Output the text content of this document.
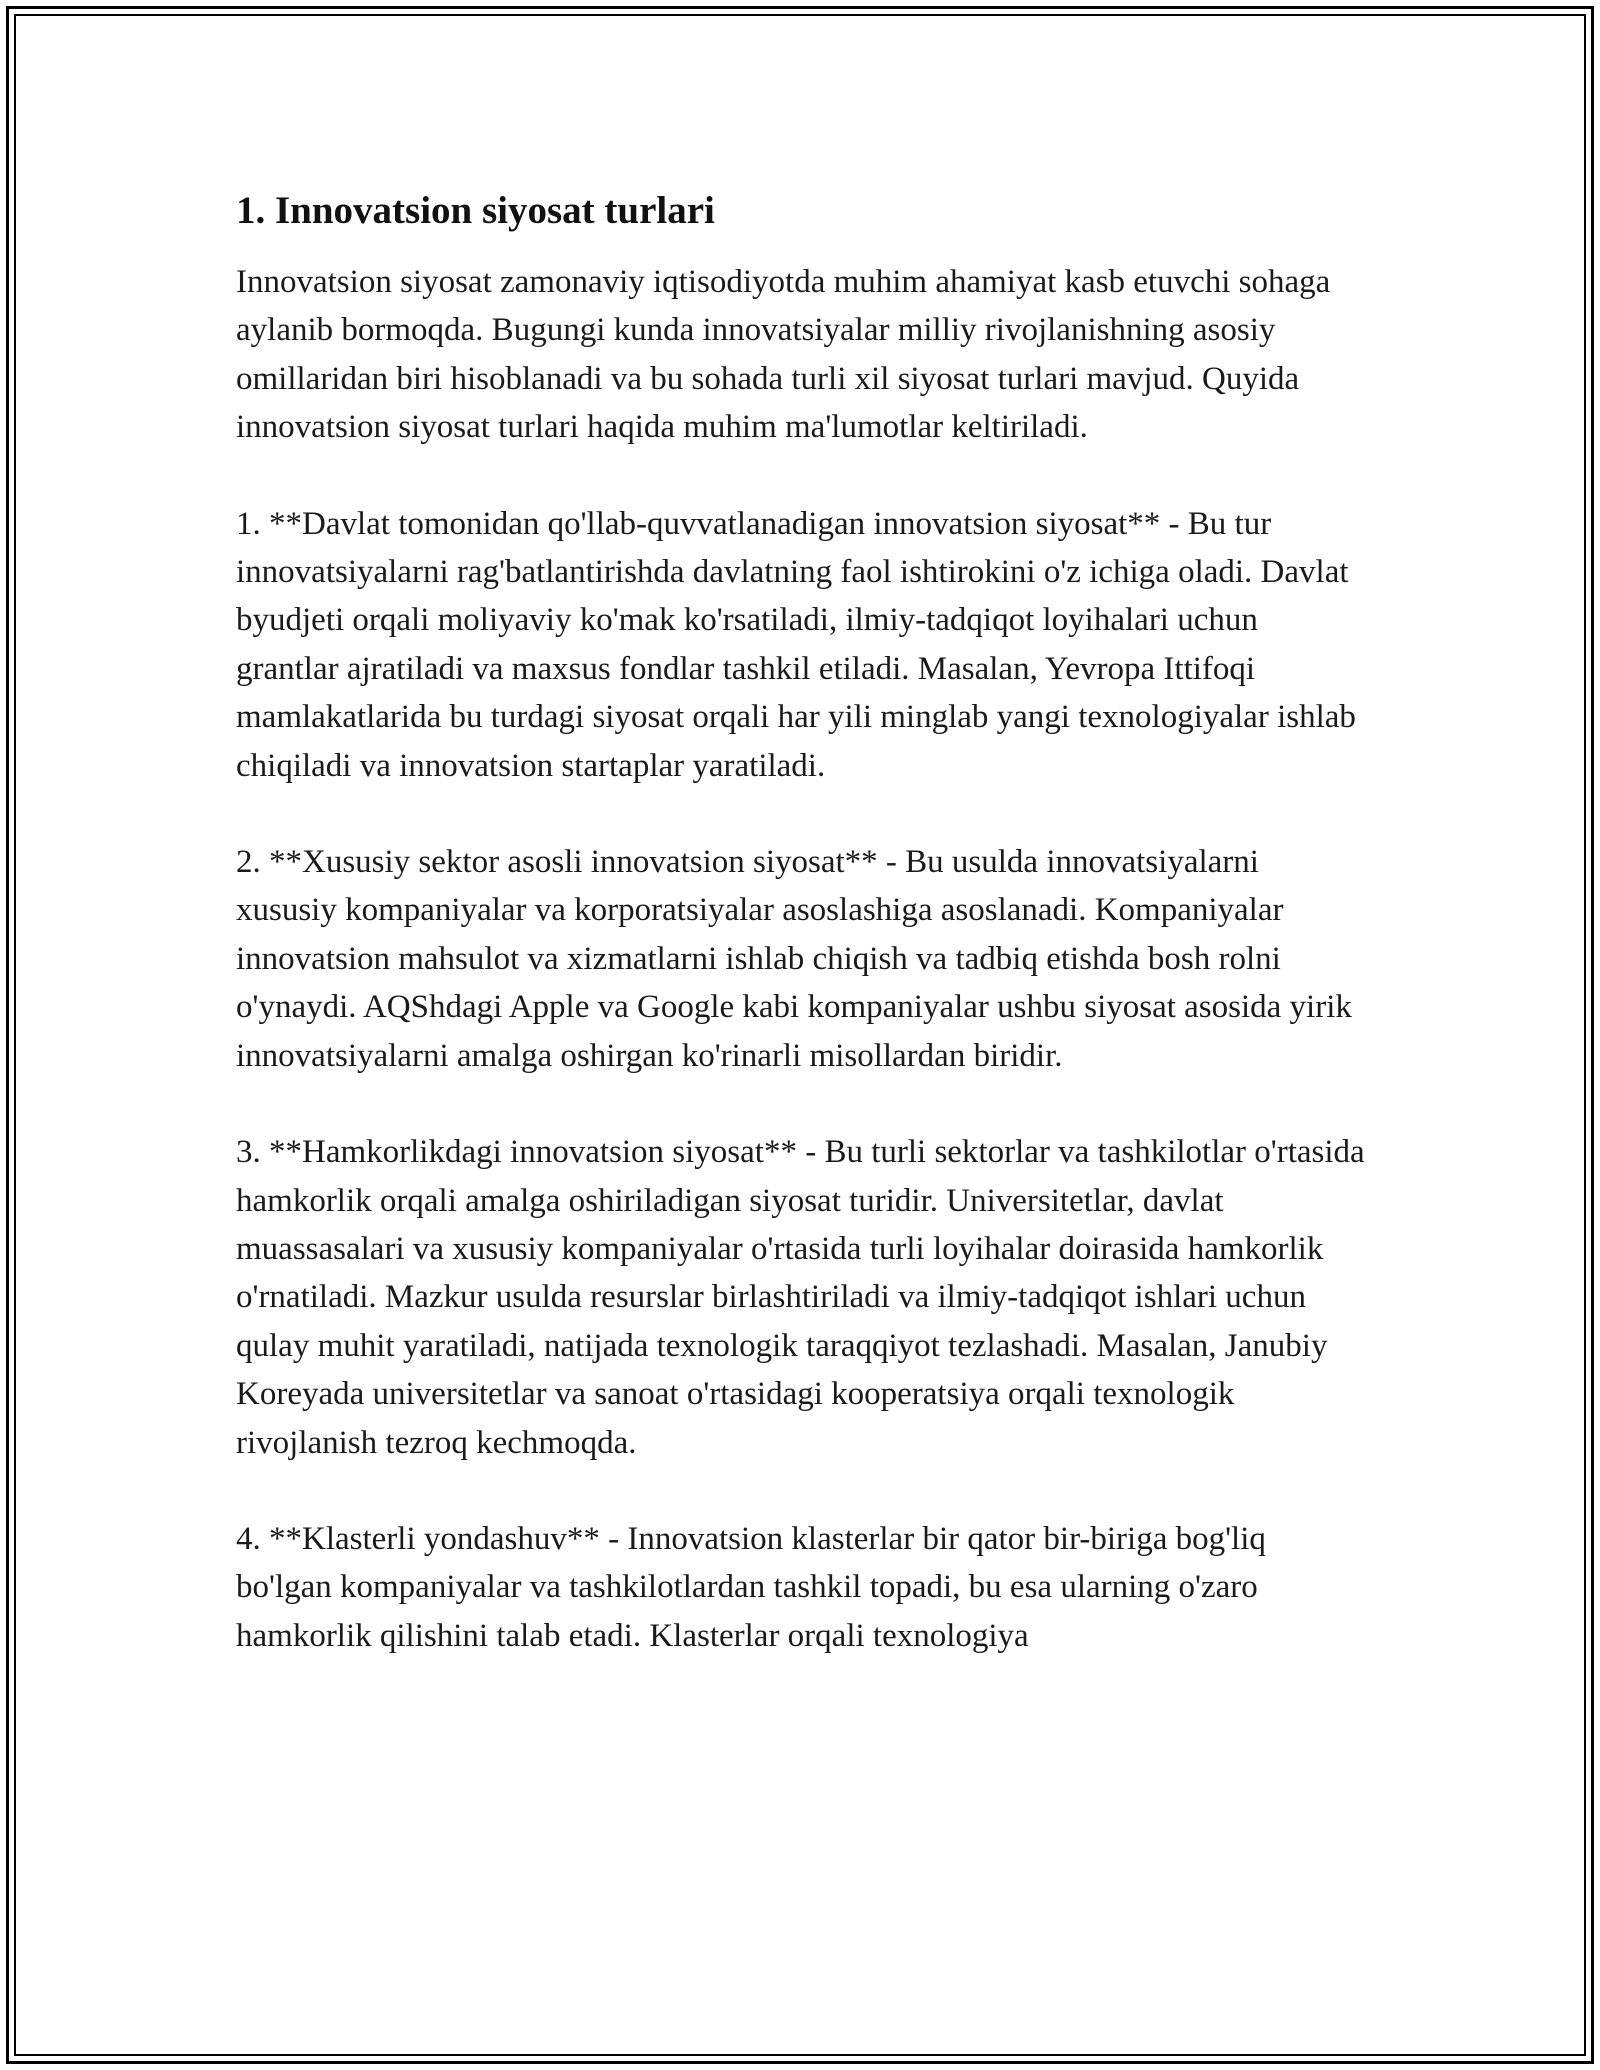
1. Innovatsion siyosat turlari

Innovatsion siyosat zamonaviy iqtisodiyotda muhim ahamiyat kasb etuvchi sohaga aylanib bormoqda. Bugungi kunda innovatsiyalar milliy rivojlanishning asosiy omillaridan biri hisoblanadi va bu sohada turli xil siyosat turlari mavjud. Quyida innovatsion siyosat turlari haqida muhim ma'lumotlar keltiriladi.

1. **Davlat tomonidan qo'llab-quvvatlanadigan innovatsion siyosat** - Bu tur innovatsiyalarni rag'batlantirishda davlatning faol ishtirokini o'z ichiga oladi. Davlat byudjeti orqali moliyaviy ko'mak ko'rsatiladi, ilmiy-tadqiqot loyihalari uchun grantlar ajratiladi va maxsus fondlar tashkil etiladi. Masalan, Yevropa Ittifoqi mamlakatlarida bu turdagi siyosat orqali har yili minglab yangi texnologiyalar ishlab chiqiladi va innovatsion startaplar yaratiladi.

2. **Xususiy sektor asosli innovatsion siyosat** - Bu usulda innovatsiyalarni xususiy kompaniyalar va korporatsiyalar asoslashiga asoslanadi. Kompaniyalar innovatsion mahsulot va xizmatlarni ishlab chiqish va tadbiq etishda bosh rolni o'ynaydi. AQShdagi Apple va Google kabi kompaniyalar ushbu siyosat asosida yirik innovatsiyalarni amalga oshirgan ko'rinarli misollardan biridir.

3. **Hamkorlikdagi innovatsion siyosat** - Bu turli sektorlar va tashkilotlar o'rtasida hamkorlik orqali amalga oshiriladigan siyosat turidir. Universitetlar, davlat muassasalari va xususiy kompaniyalar o'rtasida turli loyihalar doirasida hamkorlik o'rnatiladi. Mazkur usulda resurslar birlashtiriladi va ilmiy-tadqiqot ishlari uchun qulay muhit yaratiladi, natijada texnologik taraqqiyot tezlashadi. Masalan, Janubiy Koreyada universitetlar va sanoat o'rtasidagi kooperatsiya orqali texnologik rivojlanish tezroq kechmoqda.

4. **Klasterli yondashuv** - Innovatsion klasterlar bir qator bir-biriga bog'liq bo'lgan kompaniyalar va tashkilotlardan tashkil topadi, bu esa ularning o'zaro hamkorlik qilishini talab etadi. Klasterlar orqali texnologiya
